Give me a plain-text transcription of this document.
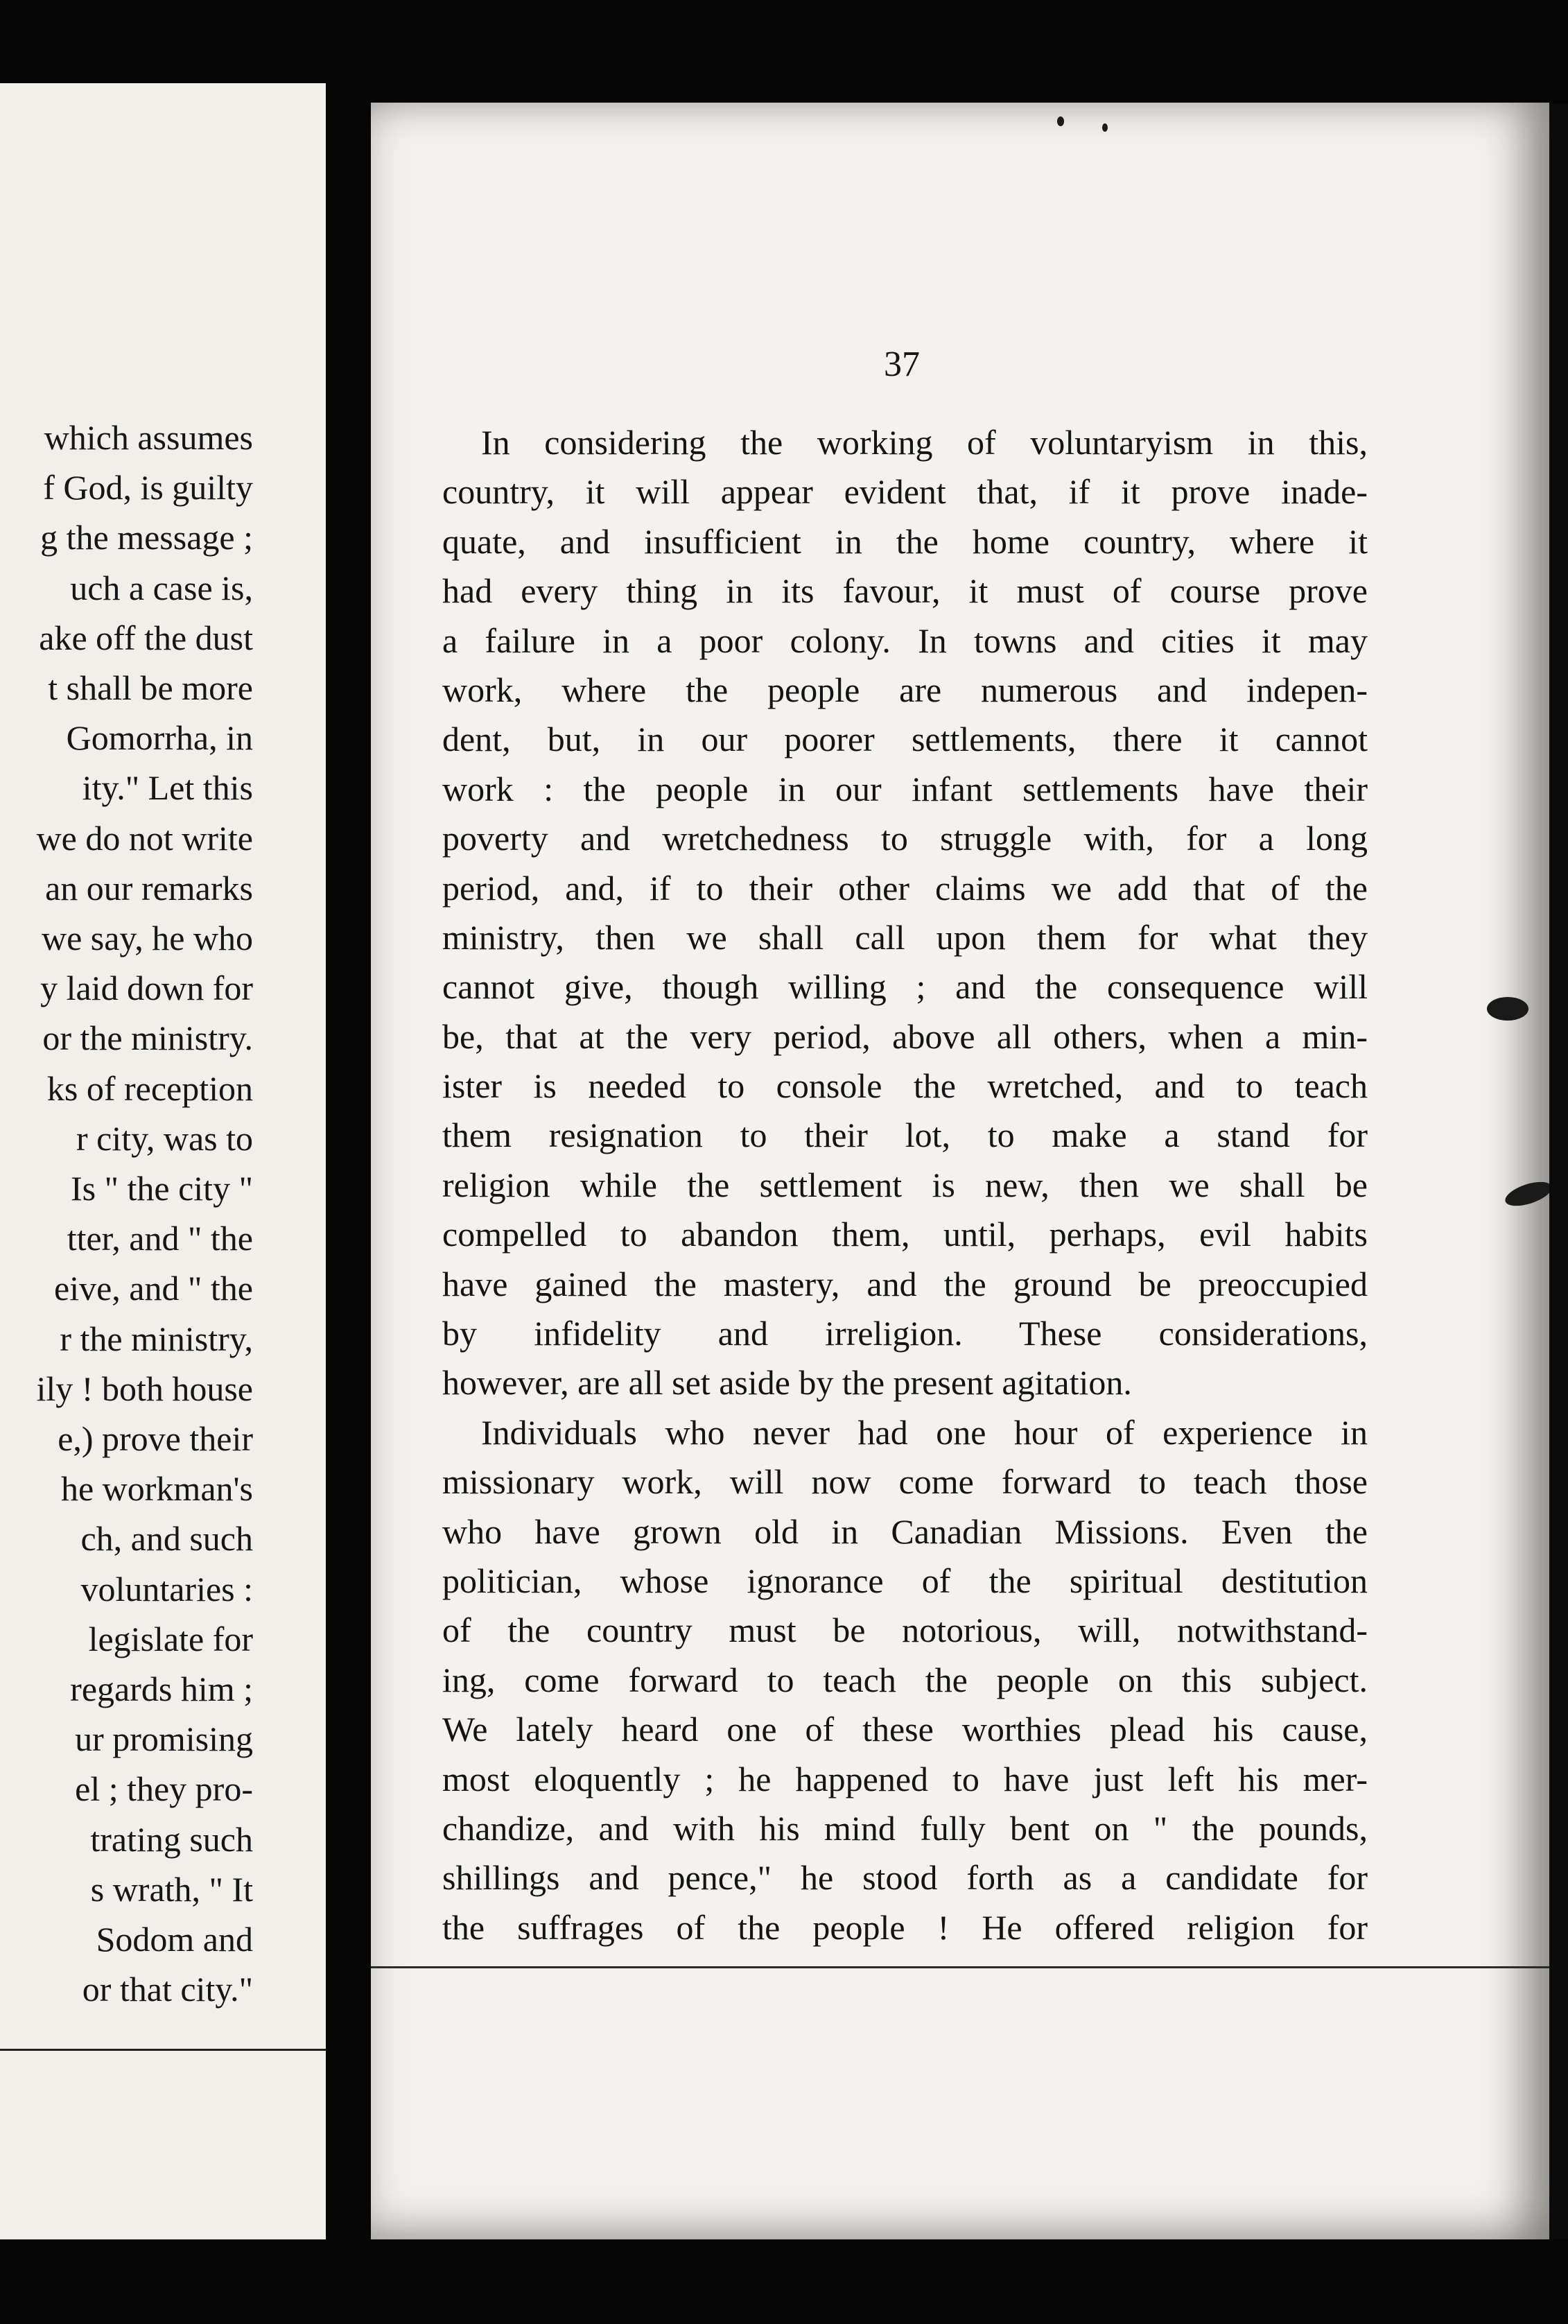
which assumes
f God, is guilty
g the message ;
uch a case is,
ake off the dust
t shall be more
Gomorrha, in
ity." Let this
we do not write
an our remarks
we say, he who
y laid down for
or the ministry.
ks of reception
r city, was to
Is " the city "
tter, and " the
eive, and " the
r the ministry,
ily ! both house
e,) prove their
he workman's
ch, and such
voluntaries :
legislate for
regards him ;
ur promising
el ; they pro-
trating such
s wrath, " It
Sodom and
or that city."
37
In considering the working of voluntaryism in this,
country, it will appear evident that, if it prove inade-
quate, and insufficient in the home country, where it
had every thing in its favour, it must of course prove
a failure in a poor colony. In towns and cities it may
work, where the people are numerous and indepen-
dent, but, in our poorer settlements, there it cannot
work : the people in our infant settlements have their
poverty and wretchedness to struggle with, for a long
period, and, if to their other claims we add that of the
ministry, then we shall call upon them for what they
cannot give, though willing ; and the consequence will
be, that at the very period, above all others, when a min-
ister is needed to console the wretched, and to teach
them resignation to their lot, to make a stand for
religion while the settlement is new, then we shall be
compelled to abandon them, until, perhaps, evil habits
have gained the mastery, and the ground be preoccupied
by infidelity and irreligion. These considerations,
however, are all set aside by the present agitation.
Individuals who never had one hour of experience in
missionary work, will now come forward to teach those
who have grown old in Canadian Missions. Even the
politician, whose ignorance of the spiritual destitution
of the country must be notorious, will, notwithstand-
ing, come forward to teach the people on this subject.
We lately heard one of these worthies plead his cause,
most eloquently ; he happened to have just left his mer-
chandize, and with his mind fully bent on " the pounds,
shillings and pence," he stood forth as a candidate for
the suffrages of the people ! He offered religion for
